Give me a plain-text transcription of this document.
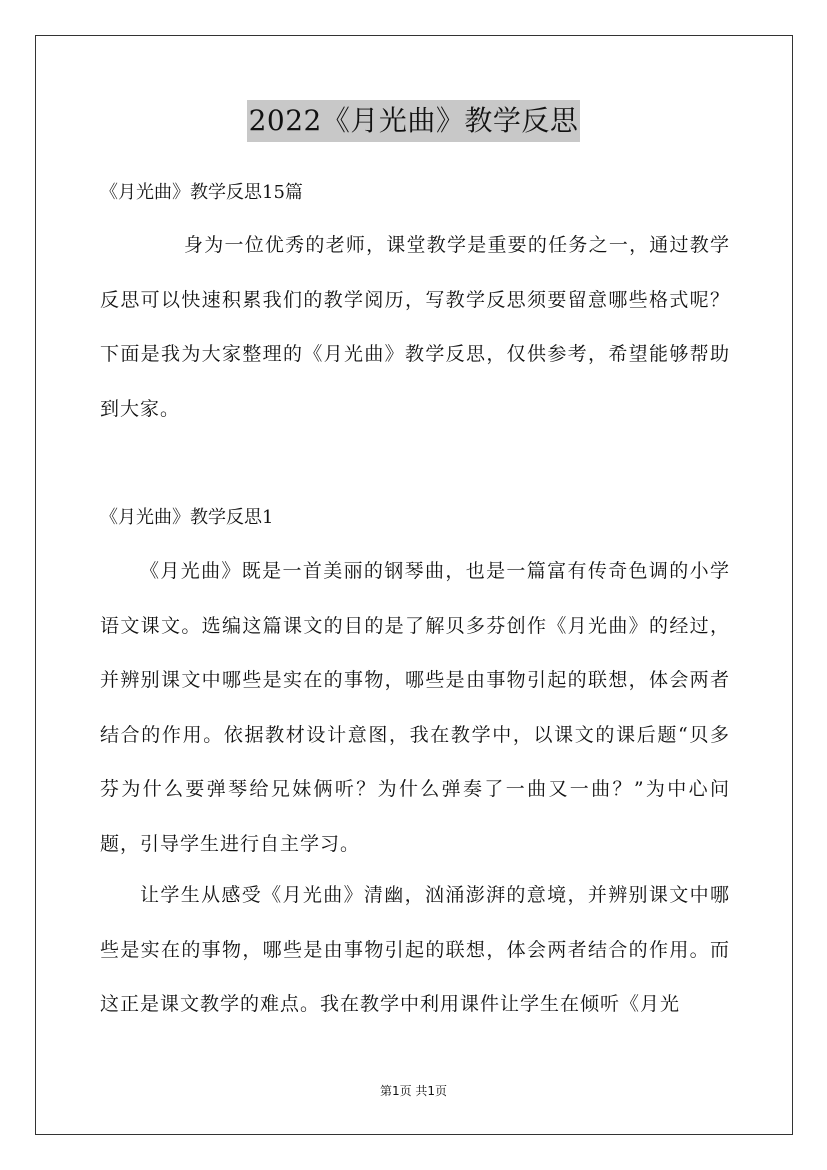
2022《月光曲》教学反思
《月光曲》教学反思15篇

身为一位优秀的老师，课堂教学是重要的任务之一，通过教学反思可以快速积累我们的教学阅历，写教学反思须要留意哪些格式呢？下面是我为大家整理的《月光曲》教学反思，仅供参考，希望能够帮助到大家。

《月光曲》教学反思1

《月光曲》既是一首美丽的钢琴曲，也是一篇富有传奇色调的小学语文课文。选编这篇课文的目的是了解贝多芬创作《月光曲》的经过，并辨别课文中哪些是实在的事物，哪些是由事物引起的联想，体会两者结合的作用。依据教材设计意图，我在教学中，以课文的课后题“贝多芬为什么要弹琴给兄妹俩听？为什么弹奏了一曲又一曲？”为中心问题，引导学生进行自主学习。

让学生从感受《月光曲》清幽，汹涌澎湃的意境，并辨别课文中哪些是实在的事物，哪些是由事物引起的联想，体会两者结合的作用。而这正是课文教学的难点。我在教学中利用课件让学生在倾听《月光

第1页 共1页
